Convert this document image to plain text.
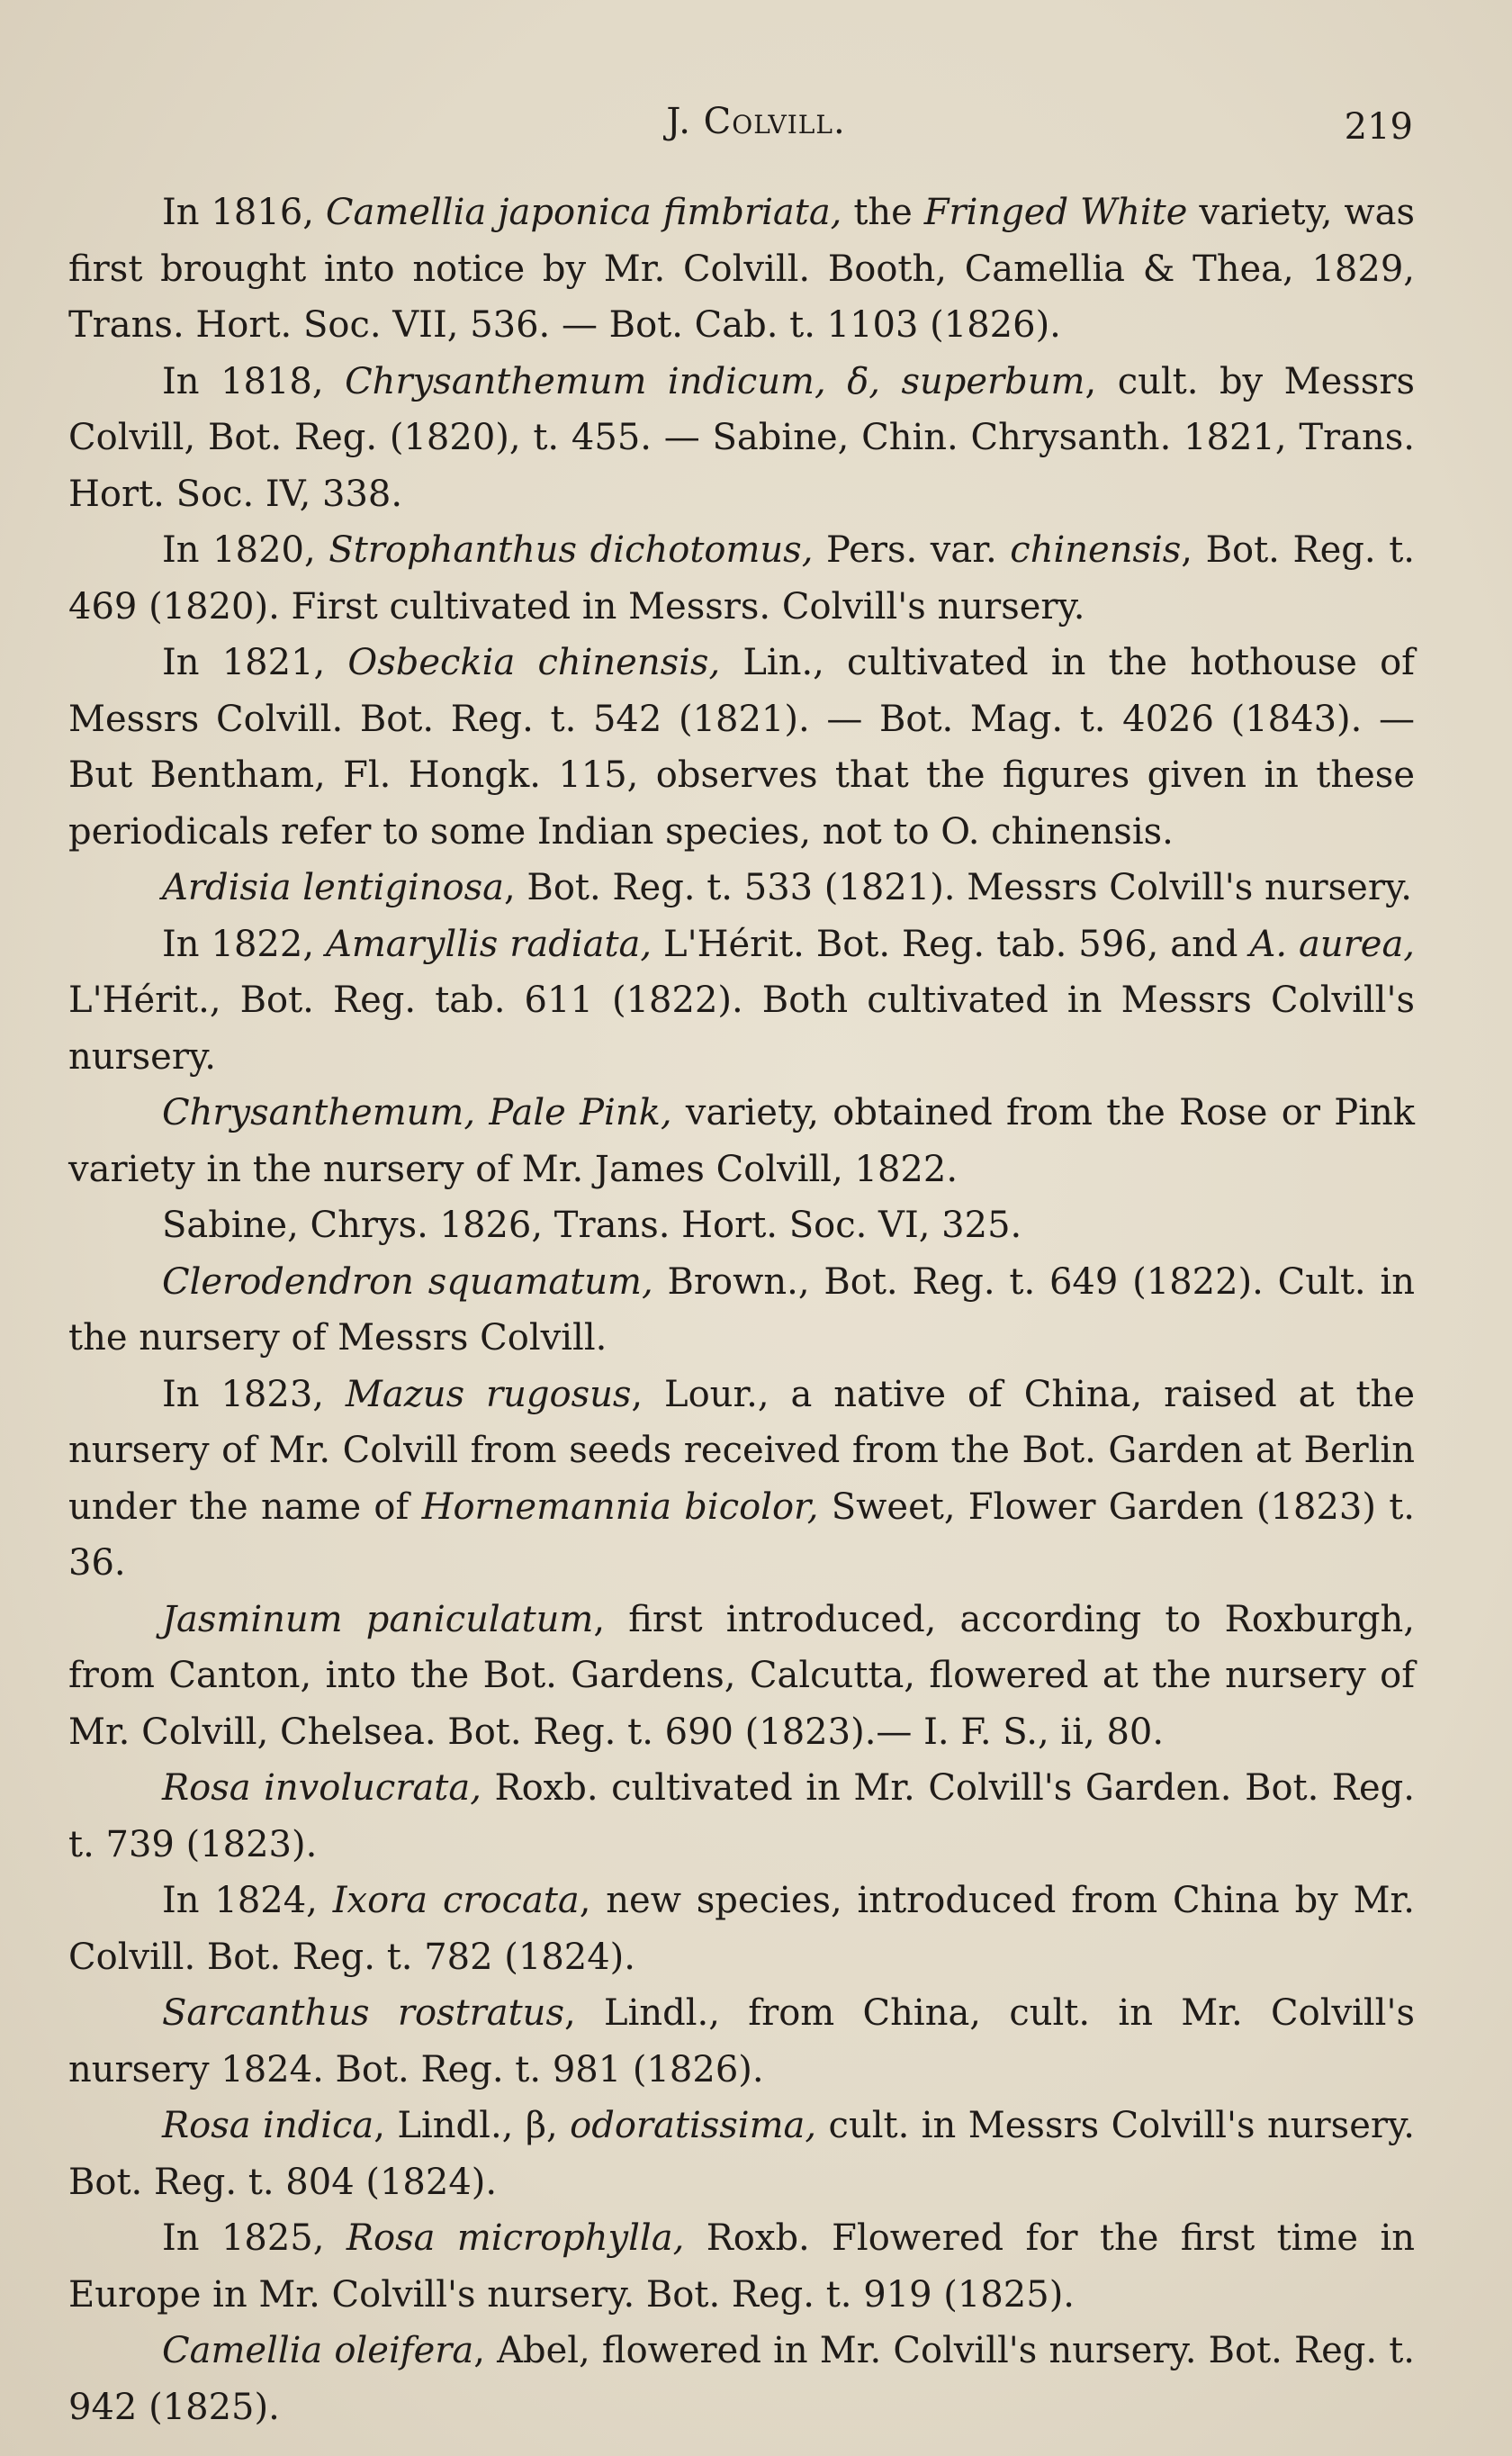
J. Colvill.	219

In 1816, Camellia japonica fimbriata, the Fringed White variety, was first brought into notice by Mr. Colvill. Booth, Camellia & Thea, 1829, Trans. Hort. Soc. VII, 536. — Bot. Cab. t. 1103 (1826).

In 1818, Chrysanthemum indicum, δ, superbum, cult. by Messrs Colvill, Bot. Reg. (1820), t. 455. — Sabine, Chin. Chrysanth. 1821, Trans. Hort. Soc. IV, 338.

In 1820, Strophanthus dichotomus, Pers. var. chinensis, Bot. Reg. t. 469 (1820). First cultivated in Messrs. Colvill's nursery.

In 1821, Osbeckia chinensis, Lin., cultivated in the hothouse of Messrs Colvill. Bot. Reg. t. 542 (1821). — Bot. Mag. t. 4026 (1843). — But Bentham, Fl. Hongk. 115, observes that the figures given in these periodicals refer to some Indian species, not to O. chinensis.

Ardisia lentiginosa, Bot. Reg. t. 533 (1821). Messrs Colvill's nursery.

In 1822, Amaryllis radiata, L'Hérit. Bot. Reg. tab. 596, and A. aurea, L'Hérit., Bot. Reg. tab. 611 (1822). Both cultivated in Messrs Colvill's nursery.

Chrysanthemum, Pale Pink, variety, obtained from the Rose or Pink variety in the nursery of Mr. James Colvill, 1822.

Sabine, Chrys. 1826, Trans. Hort. Soc. VI, 325.

Clerodendron squamatum, Brown., Bot. Reg. t. 649 (1822). Cult. in the nursery of Messrs Colvill.

In 1823, Mazus rugosus, Lour., a native of China, raised at the nursery of Mr. Colvill from seeds received from the Bot. Garden at Berlin under the name of Hornemannia bicolor, Sweet, Flower Garden (1823) t. 36.

Jasminum paniculatum, first introduced, according to Roxburgh, from Canton, into the Bot. Gardens, Calcutta, flowered at the nursery of Mr. Colvill, Chelsea. Bot. Reg. t. 690 (1823).— I. F. S., ii, 80.

Rosa involucrata, Roxb. cultivated in Mr. Colvill's Garden. Bot. Reg. t. 739 (1823).

In 1824, Ixora crocata, new species, introduced from China by Mr. Colvill. Bot. Reg. t. 782 (1824).

Sarcanthus rostratus, Lindl., from China, cult. in Mr. Colvill's nursery 1824. Bot. Reg. t. 981 (1826).

Rosa indica, Lindl., β, odoratissima, cult. in Messrs Colvill's nursery. Bot. Reg. t. 804 (1824).

In 1825, Rosa microphylla, Roxb. Flowered for the first time in Europe in Mr. Colvill's nursery. Bot. Reg. t. 919 (1825).

Camellia oleifera, Abel, flowered in Mr. Colvill's nursery. Bot. Reg. t. 942 (1825).
